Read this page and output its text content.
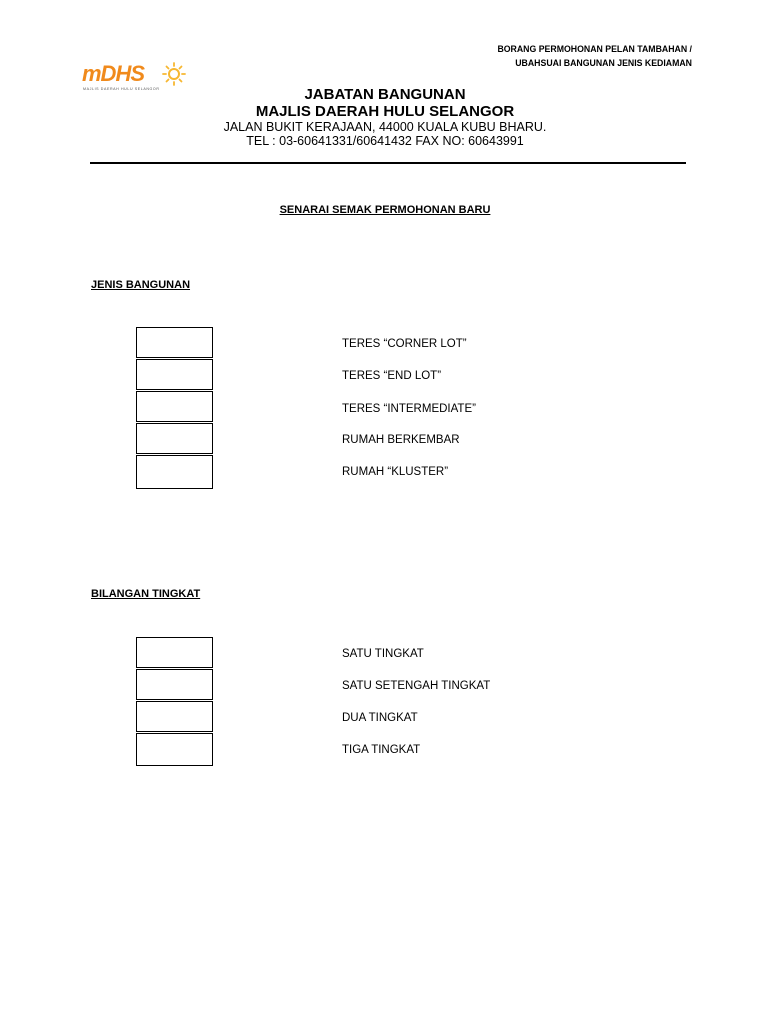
BORANG PERMOHONAN PELAN TAMBAHAN /
UBAHSUAI BANGUNAN JENIS KEDIAMAN
mDHS
MAJLIS DAERAH HULU SELANGOR	JABATAN BANGUNAN
MAJLIS DAERAH HULU SELANGOR
JALAN BUKIT KERAJAAN, 44000 KUALA KUBU BHARU.
TEL : 03-60641331/60641432 FAX NO: 60643991
SENARAI SEMAK PERMOHONAN BARU
JENIS BANGUNAN
TERES “CORNER LOT”
TERES “END LOT”
TERES “INTERMEDIATE”
RUMAH BERKEMBAR
RUMAH “KLUSTER”
BILANGAN TINGKAT
SATU TINGKAT
SATU SETENGAH TINGKAT
DUA TINGKAT
TIGA TINGKAT
